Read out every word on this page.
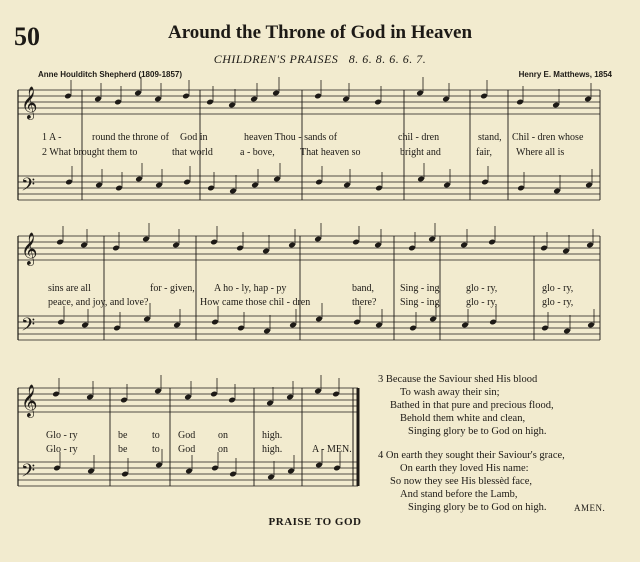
50	Around the Throne of God in Heaven
CHILDREN'S PRAISES 8. 6. 8. 6. 6. 7.
Anne Houlditch Shepherd (1809-1857)	Henry E. Matthews, 1854
𝄞
𝄢
𝄞
𝄢
𝄞
𝄢
1 A -	round the throne of God in	heaven Thou - sands of	chil - dren	stand, Chil - dren whose
2 What brought them to	that world	a - bove,	That heaven so	bright and	fair, Where all is
sins are all	for - given, A ho - ly, hap - py	band,	Sing - ing	glo - ry,	glo - ry,
peace, and joy, and love?	How came those chil - dren	there? Sing - ing	glo - ry,	glo - ry,
Glo - ry	be to God on	high.
Glo - ry	be to God on	high.	A - MEN.
3 Because the Saviour shed His blood
To wash away their sin;
Bathed in that pure and precious flood,
Behold them white and clean,
Singing glory be to God on high.
4 On earth they sought their Saviour's grace,
On earth they loved His name:
So now they see His blessèd face,
And stand before the Lamb,
Singing glory be to God on high.	AMEN.
PRAISE TO GOD
